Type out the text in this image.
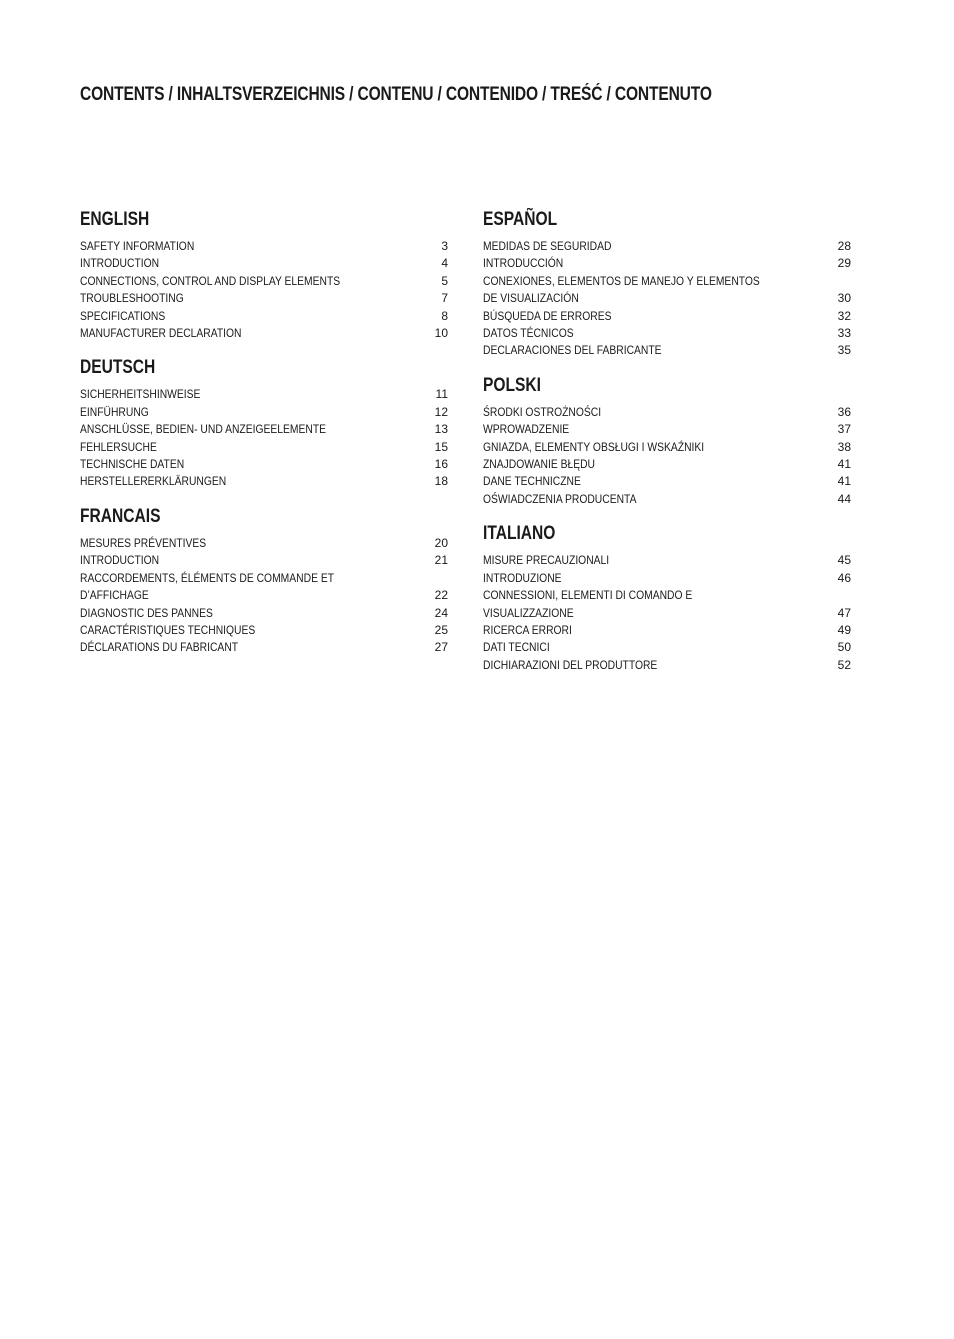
CONTENTS / INHALTSVERZEICHNIS / CONTENU / CONTENIDO / TREŚĆ / CONTENUTO
ENGLISH
SAFETY INFORMATION	3
INTRODUCTION	4
CONNECTIONS, CONTROL AND DISPLAY ELEMENTS	5
TROUBLESHOOTING	7
SPECIFICATIONS	8
MANUFACTURER DECLARATION	10
DEUTSCH
SICHERHEITSHINWEISE	11
EINFÜHRUNG	12
ANSCHLÜSSE, BEDIEN- UND ANZEIGEELEMENTE	13
FEHLERSUCHE	15
TECHNISCHE DATEN	16
HERSTELLERERKLÄRUNGEN	18
FRANCAIS
MESURES PRÉVENTIVES	20
INTRODUCTION	21
RACCORDEMENTS, ÉLÉMENTS DE COMMANDE ET
D’AFFICHAGE	22
DIAGNOSTIC DES PANNES	24
CARACTÉRISTIQUES TECHNIQUES	25
DÉCLARATIONS DU FABRICANT	27
ESPAÑOL
MEDIDAS DE SEGURIDAD	28
INTRODUCCIÓN	29
CONEXIONES, ELEMENTOS DE MANEJO Y ELEMENTOS
DE VISUALIZACIÓN	30
BÚSQUEDA DE ERRORES	32
DATOS TÉCNICOS	33
DECLARACIONES DEL FABRICANTE	35
POLSKI
ŚRODKI OSTROŻNOŚCI	36
WPROWADZENIE	37
GNIAZDA, ELEMENTY OBSŁUGI I WSKAŹNIKI	38
ZNAJDOWANIE BŁĘDU	41
DANE TECHNICZNE	41
OŚWIADCZENIA PRODUCENTA	44
ITALIANO
MISURE PRECAUZIONALI	45
INTRODUZIONE	46
CONNESSIONI, ELEMENTI DI COMANDO E VISUALIZZAZIONE	47
RICERCA ERRORI	49
DATI TECNICI	50
DICHIARAZIONI DEL PRODUTTORE	52
